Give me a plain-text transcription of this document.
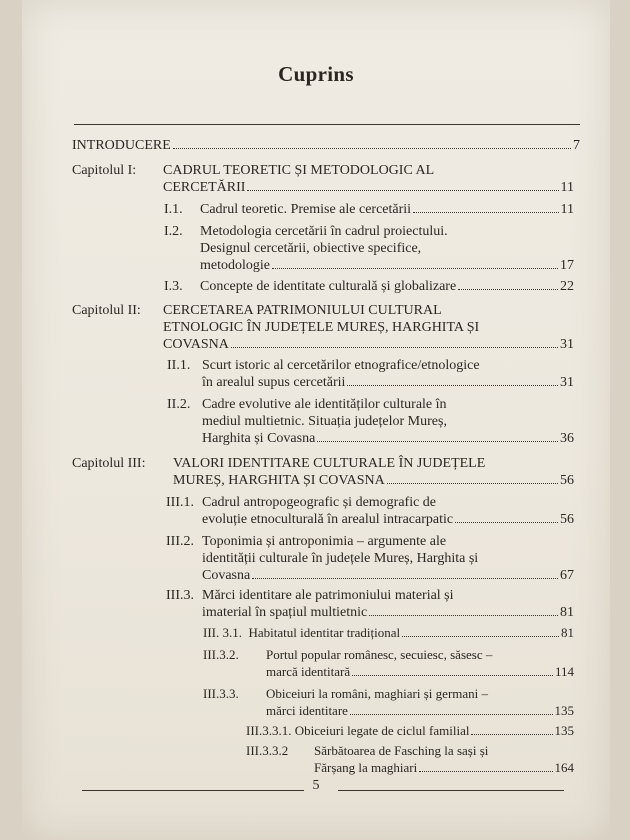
Cuprins
INTRODUCERE	7
Capitolul I: CADRUL TEORETIC ȘI METODOLOGIC AL
CERCETĂRII	11
I.1. Cadrul teoretic. Premise ale cercetării	11
I.2. Metodologia cercetării în cadrul proiectului.
Designul cercetării, obiective specifice,
metodologie	17
I.3. Concepte de identitate culturală și globalizare	22
Capitolul II: CERCETAREA PATRIMONIULUI CULTURAL
ETNOLOGIC ÎN JUDEȚELE MUREȘ, HARGHITA ȘI
COVASNA	31
II.1. Scurt istoric al cercetărilor etnografice/etnologice
în arealul supus cercetării	31
II.2. Cadre evolutive ale identităților culturale în
mediul multietnic. Situația județelor Mureș,
Harghita și Covasna	36
Capitolul III: VALORI IDENTITARE CULTURALE ÎN JUDEȚELE
MUREȘ, HARGHITA ȘI COVASNA	56
III.1. Cadrul antropogeografic și demografic de
evoluție etnoculturală în arealul intracarpatic	56
III.2. Toponimia și antroponimia – argumente ale
identității culturale în județele Mureș, Harghita și
Covasna	67
III.3. Mărci identitare ale patrimoniului material și
imaterial în spațiul multietnic	81
III. 3.1. Habitatul identitar tradițional	81
III.3.2. Portul popular românesc, secuiesc, săsesc –
marcă identitară	114
III.3.3. Obiceiuri la români, maghiari și germani –
mărci identitare	135
III.3.3.1. Obiceiuri legate de ciclul familial	135
III.3.3.2 Sărbătoarea de Fasching la sași și
Fărșang la maghiari	164
5
